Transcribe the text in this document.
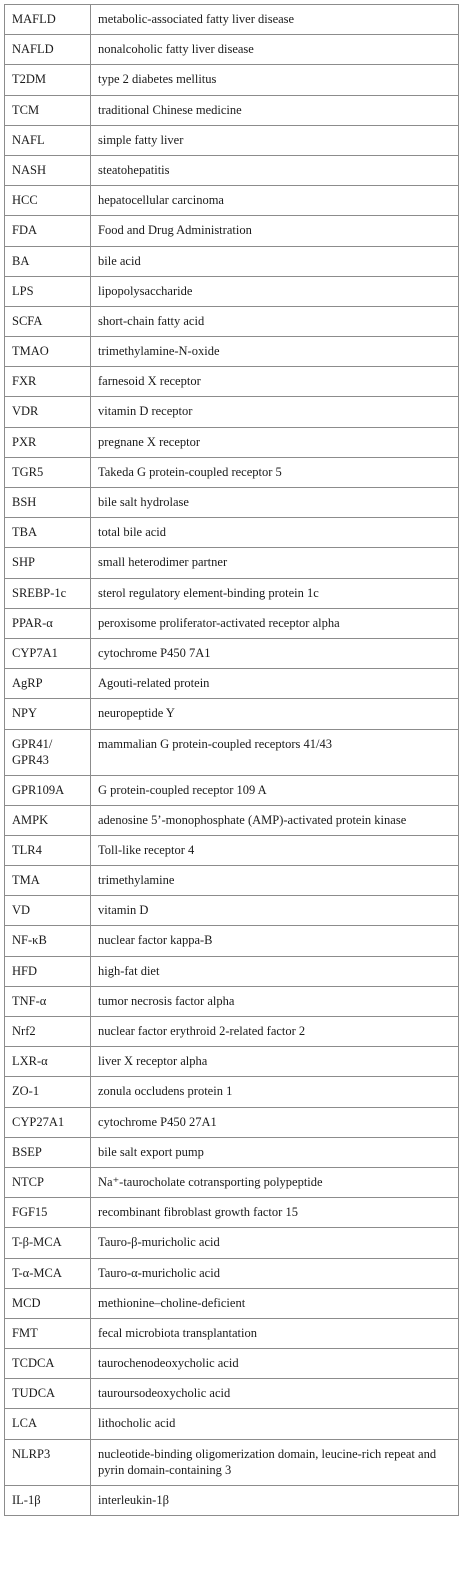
MAFLD	metabolic-associated fatty liver disease
NAFLD	nonalcoholic fatty liver disease
T2DM	type 2 diabetes mellitus
TCM	traditional Chinese medicine
NAFL	simple fatty liver
NASH	steatohepatitis
HCC	hepatocellular carcinoma
FDA	Food and Drug Administration
BA	bile acid
LPS	lipopolysaccharide
SCFA	short-chain fatty acid
TMAO	trimethylamine-N-oxide
FXR	farnesoid X receptor
VDR	vitamin D receptor
PXR	pregnane X receptor
TGR5	Takeda G protein-coupled receptor 5
BSH	bile salt hydrolase
TBA	total bile acid
SHP	small heterodimer partner
SREBP-1c	sterol regulatory element-binding protein 1c
PPAR-α	peroxisome proliferator-activated receptor alpha
CYP7A1	cytochrome P450 7A1
AgRP	Agouti-related protein
NPY	neuropeptide Y
GPR41/ GPR43	mammalian G protein-coupled receptors 41/43
GPR109A	G protein-coupled receptor 109 A
AMPK	adenosine 5’-monophosphate (AMP)-activated protein kinase
TLR4	Toll-like receptor 4
TMA	trimethylamine
VD	vitamin D
NF-κB	nuclear factor kappa-B
HFD	high-fat diet
TNF-α	tumor necrosis factor alpha
Nrf2	nuclear factor erythroid 2-related factor 2
LXR-α	liver X receptor alpha
ZO-1	zonula occludens protein 1
CYP27A1	cytochrome P450 27A1
BSEP	bile salt export pump
NTCP	Na⁺-taurocholate cotransporting polypeptide
FGF15	recombinant fibroblast growth factor 15
T-β-MCA	Tauro-β-muricholic acid
T-α-MCA	Tauro-α-muricholic acid
MCD	methionine–choline-deficient
FMT	fecal microbiota transplantation
TCDCA	taurochenodeoxycholic acid
TUDCA	tauroursodeoxycholic acid
LCA	lithocholic acid
NLRP3	nucleotide-binding oligomerization domain, leucine-rich repeat and pyrin domain-containing 3
IL-1β	interleukin-1β
